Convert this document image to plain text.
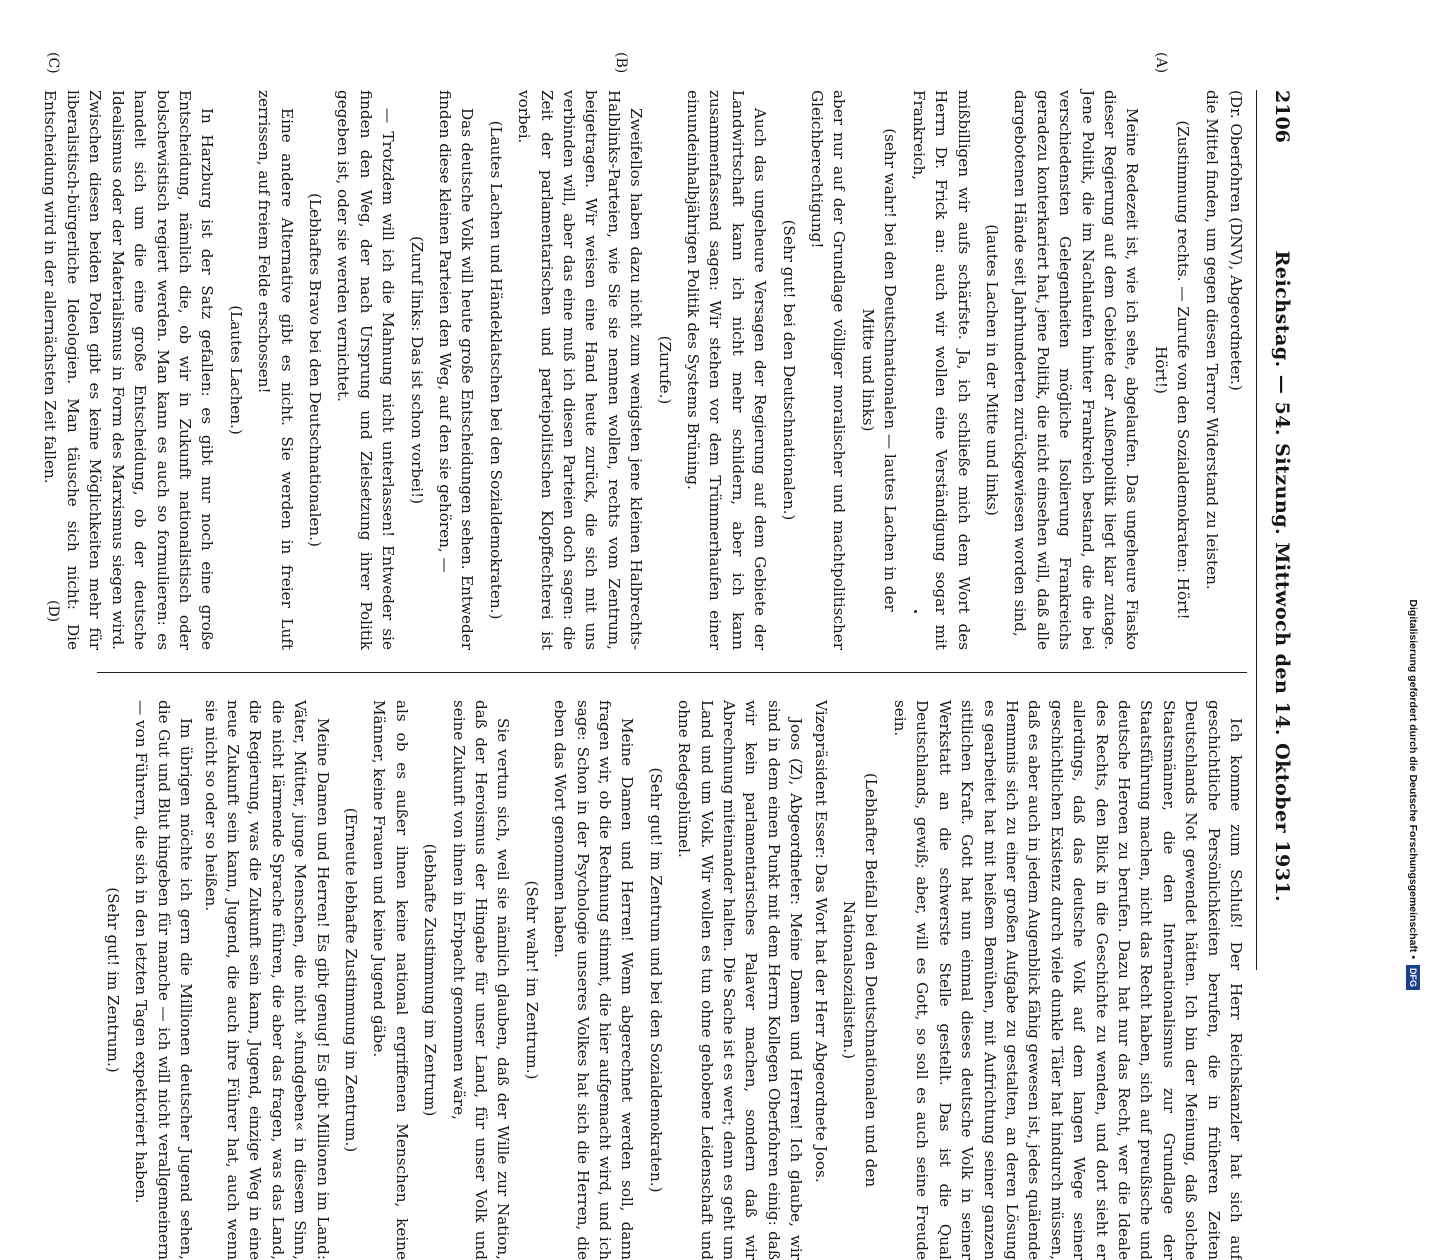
2106
Reichstag. — 54. Sitzung. Mittwoch den 14. Oktober 1931.
(A)
(B)
(C)
(D)

(Dr. Oberfohren (DNV), Abgeordneter.)

die Mittel finden, um gegen diesen Terror Widerstand zu leisten.

(Zustimmung rechts. — Zurufe von den Sozialdemokraten: Hört! Hört!)

Meine Redezeit ist, wie ich sehe, abgelaufen. Das ungeheure Fiasko dieser Regierung auf dem Gebiete der Außenpolitik liegt klar zutage. Jene Politik, die im Nachlaufen hinter Frankreich bestand, die die bei verschiedensten Gelegenheiten mögliche Isolierung Frankreichs geradezu konterkariert hat, jene Politik, die nicht einsehen will, daß alle dargebotenen Hände seit Jahrhunderten zurückgewiesen worden sind,

(lautes Lachen in der Mitte und links)

mißbilligen wir aufs schärfste. Ja, ich schließe mich dem Wort des Herrn Dr. Frick an: auch wir wollen eine Verständigung sogar mit Frankreich,

(sehr wahr! bei den Deutschnationalen — lautes Lachen in der Mitte und links)

aber nur auf der Grundlage völliger moralischer und machtpolitischer Gleichberechtigung!

(Sehr gut! bei den Deutschnationalen.)

Auch das ungeheure Versagen der Regierung auf dem Gebiete der Landwirtschaft kann ich nicht mehr schildern, aber ich kann zusammenfassend sagen: Wir stehen vor dem Trümmerhaufen einer einundeinhalbjährigen Politik des Systems Brüning.

(Zurufe.)

Zweifellos haben dazu nicht zum wenigsten jene kleinen Halbrechts-Halblinks-Parteien, wie Sie sie nennen wollen, rechts vom Zentrum, beigetragen. Wir weisen eine Hand heute zurück, die sich mit uns verbinden will, aber das eine muß ich diesen Parteien doch sagen: die Zeit der parlamentarischen und parteipolitischen Klopffechterei ist vorbei.

(Lautes Lachen und Händeklatschen bei den Sozialdemokraten.)

Das deutsche Volk will heute große Entscheidungen sehen. Entweder finden diese kleinen Parteien den Weg, auf den sie gehören, —

(Zuruf links: Das ist schon vorbei!)

— Trotzdem will ich die Mahnung nicht unterlassen! Entweder sie finden den Weg, der nach Ursprung und Zielsetzung ihrer Politik gegeben ist, oder sie werden vernichtet.

(Lebhaftes Bravo bei den Deutschnationalen.)

Eine andere Alternative gibt es nicht. Sie werden in freier Luft zerrissen, auf freiem Felde erschossen!

(Lautes Lachen.)

In Harzburg ist der Satz gefallen: es gibt nur noch eine große Entscheidung, nämlich die, ob wir in Zukunft nationalistisch oder bolschewistisch regiert werden. Man kann es auch so formulieren: es handelt sich um die eine große Entscheidung, ob der deutsche Idealismus oder der Materialismus in Form des Marxismus siegen wird. Zwischen diesen beiden Polen gibt es keine Möglichkeiten mehr für liberalistisch-bürgerliche Ideologien. Man täusche sich nicht: Die Entscheidung wird in der allernächsten Zeit fallen.

Ich komme zum Schluß! Der Herr Reichskanzler hat sich auf geschichtliche Persönlichkeiten berufen, die in früheren Zeiten Deutschlands Not gewendet hätten. Ich bin der Meinung, daß solche Staatsmänner, die den Internationalismus zur Grundlage der Staatsführung machen, nicht das Recht haben, sich auf preußische und deutsche Heroen zu berufen. Dazu hat nur das Recht, wer die Ideale des Rechts, den Blick in die Geschichte zu wenden, und dort sieht er allerdings, daß das deutsche Volk auf dem langen Wege seiner geschichtlichen Existenz durch viele dunkle Täler hat hindurch müssen, daß es aber auch in jedem Augenblick fähig gewesen ist, jedes quälende Hemmnis sich zu einer großen Aufgabe zu gestalten, an deren Lösung es gearbeitet hat mit heißem Bemühen, mit Aufrichtung seiner ganzen sittlichen Kraft. Gott hat nun einmal dieses deutsche Volk in seiner Werkstatt an die schwerste Stelle gestellt. Das ist die Qual Deutschlands, gewiß; aber, will es Gott, so soll es auch seine Freude sein.

(Lebhafter Beifall bei den Deutschnationalen und den Nationalsozialisten.)

Vizepräsident Esser: Das Wort hat der Herr Abgeordnete Joos.

Joos (Z), Abgeordneter: Meine Damen und Herren! Ich glaube, wir sind in dem einen Punkt mit dem Herrn Kollegen Oberfohren einig: daß wir kein parlamentarisches Palaver machen, sondern daß wir Abrechnung miteinander halten. Die Sache ist es wert; denn es geht um Land und um Volk. Wir wollen es tun ohne gehobene Leidenschaft und ohne Redegeblümel.

(Sehr gut! im Zentrum und bei den Sozialdemokraten.)

Meine Damen und Herren! Wenn abgerechnet werden soll, dann fragen wir, ob die Rechnung stimmt, die hier aufgemacht wird, und ich sage: Schon in der Psychologie unseres Volkes hat sich die Herren, die eben das Wort genommen haben.

(Sehr wahr! im Zentrum.)

Sie vertun sich, weil sie nämlich glauben, daß der Wille zur Nation, daß der Heroismus der Hingabe für unser Land, für unser Volk und seine Zukunft von ihnen in Erbpacht genommen wäre,

(lebhafte Zustimmung im Zentrum)

als ob es außer ihnen keine national ergriffenen Menschen, keine Männer, keine Frauen und keine Jugend gäbe.

(Erneute lebhafte Zustimmung im Zentrum.)

Meine Damen und Herren! Es gibt genug! Es gibt Millionen im Land: Väter, Mütter, junge Menschen, die nicht »fundgeben« in diesem Sinn, die nicht lärmende Sprache führen, die aber das fragen, was das Land, die Regierung, was die Zukunft sein kann, Jugend, einzige Weg in eine neue Zukunft sein kann, Jugend, die auch ihre Führer hat, auch wenn sie nicht so oder so heißen.

Im übrigen möchte ich gern die Millionen deutscher Jugend sehen, die Gut und Blut hingeben für manche — ich will nicht verallgemeinern — von Führern, die sich in den letzten Tagen expektoriert haben.

(Sehr gut! im Zentrum.)

Digitalisierung gefördert durch die Deutsche Forschungsgemeinschaft •DFG
